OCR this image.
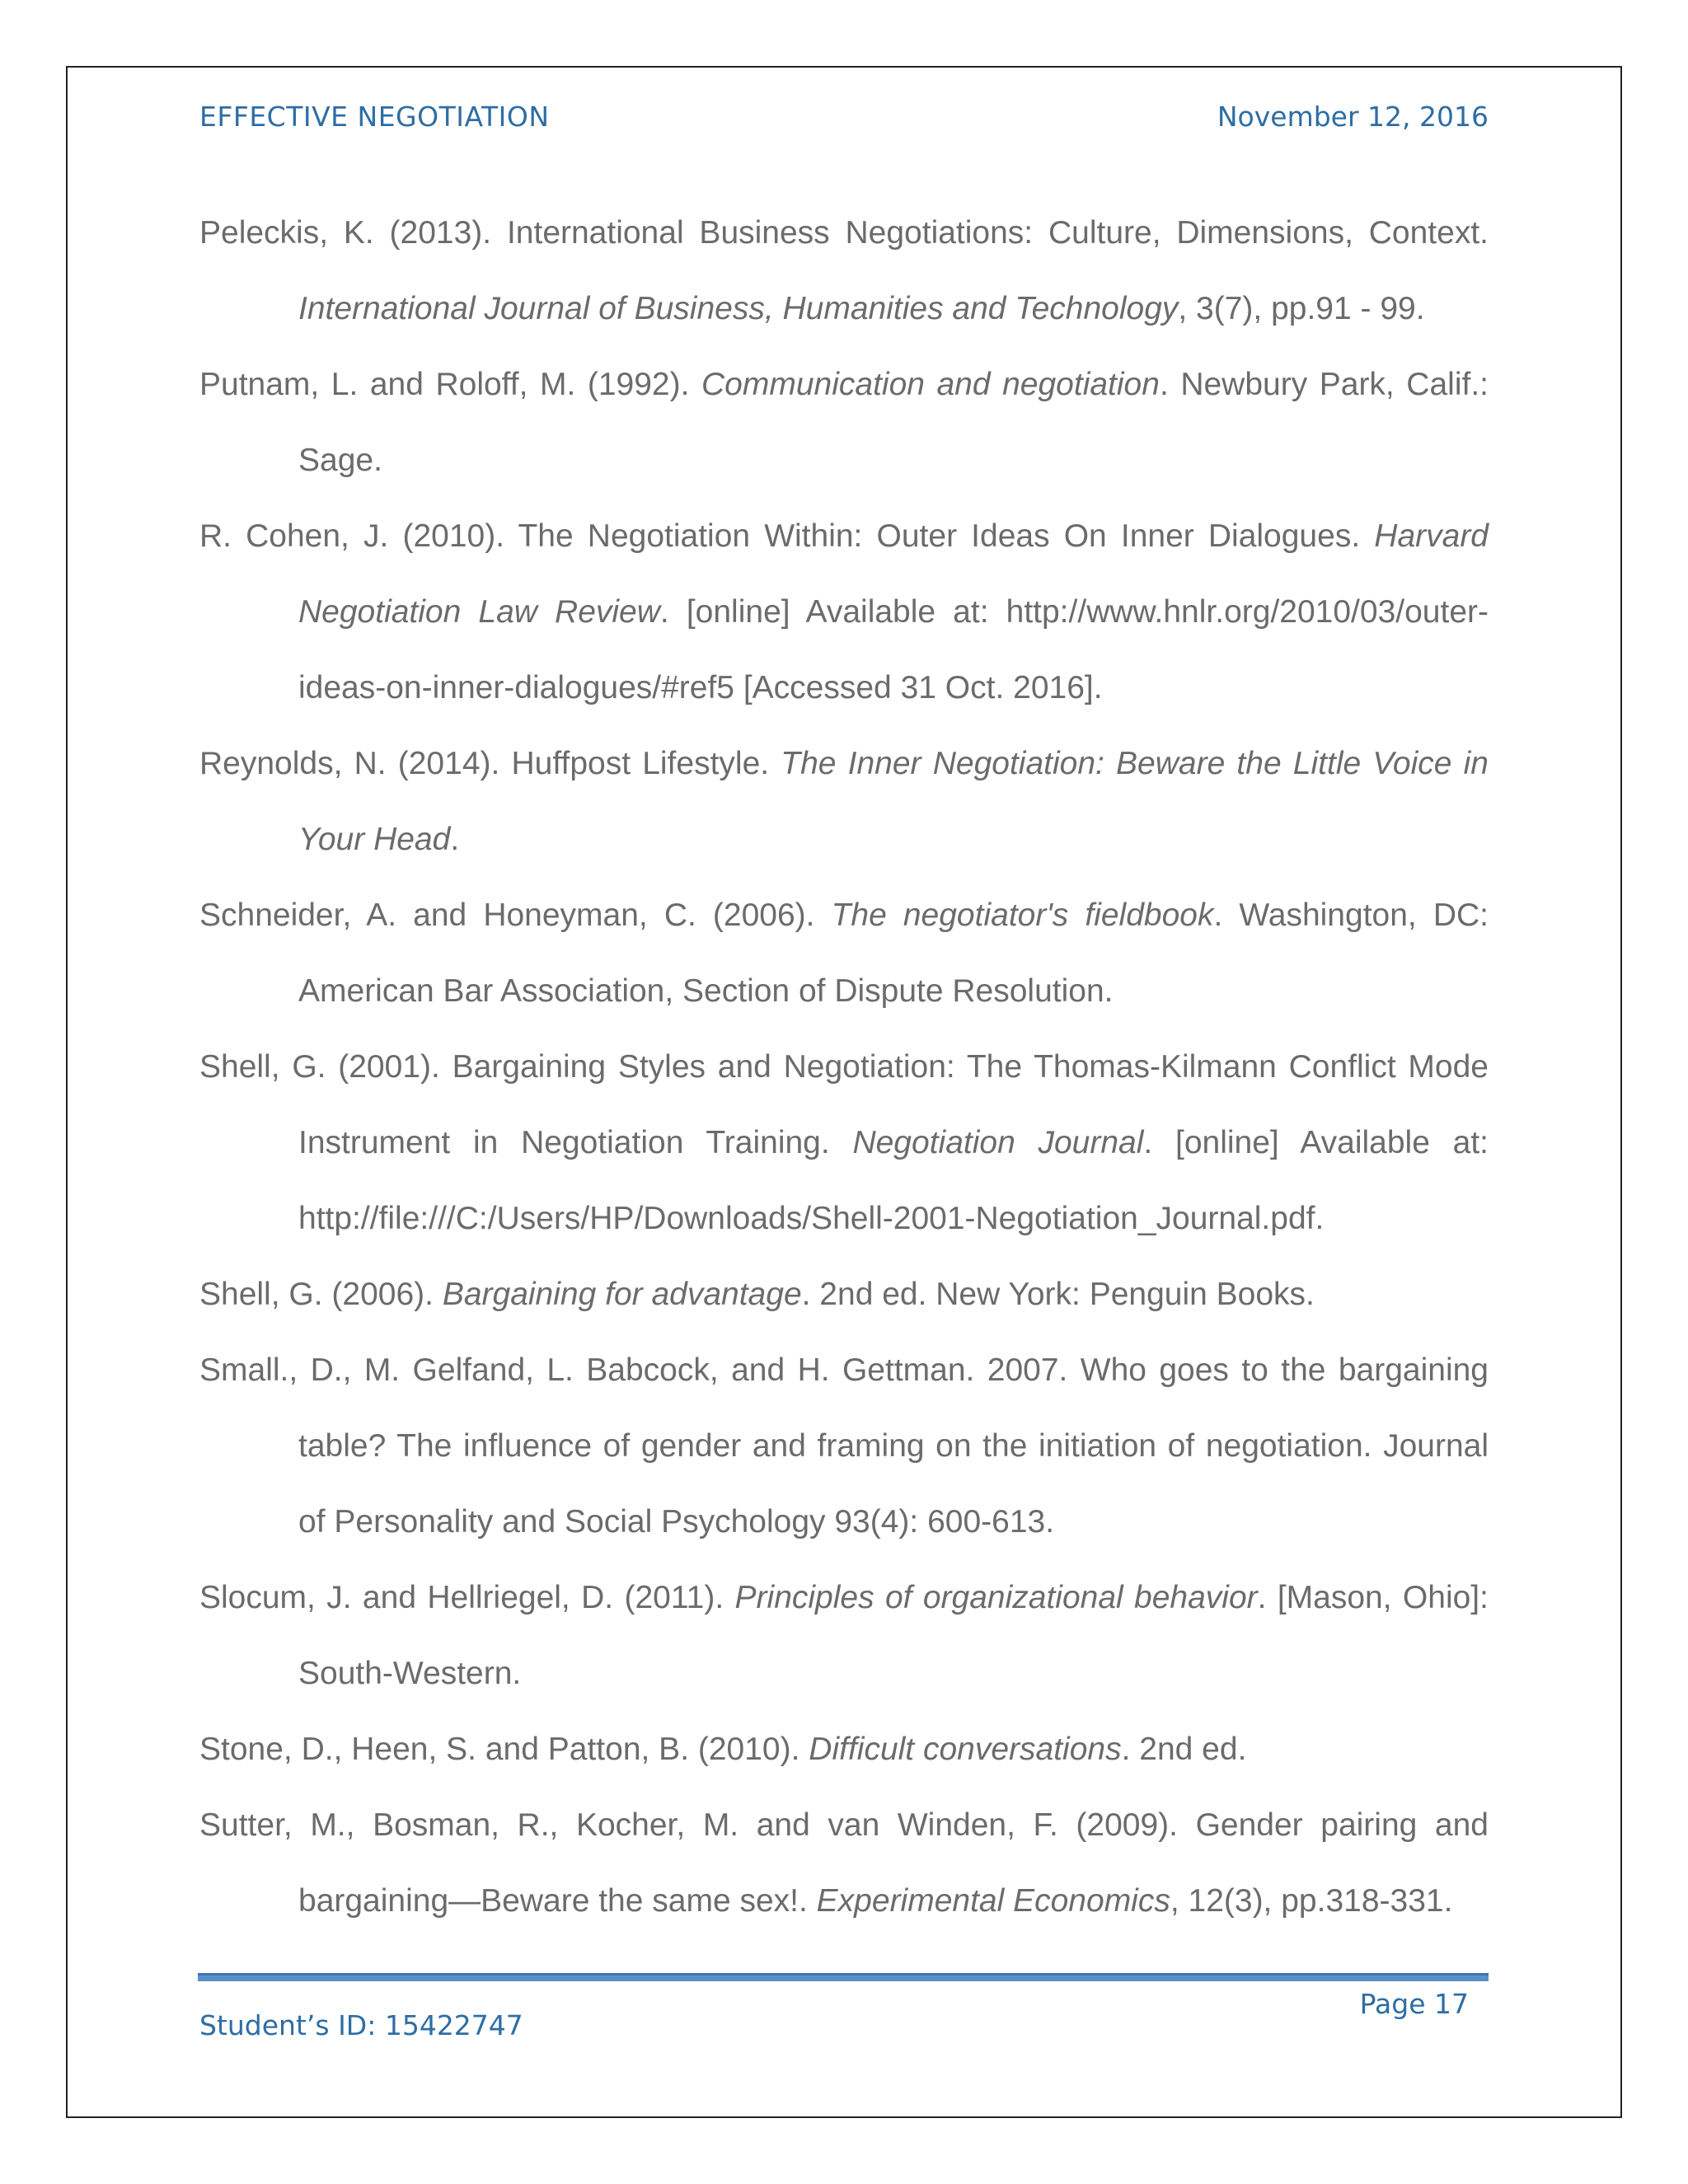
EFFECTIVE NEGOTIATION	November 12, 2016

Peleckis, K. (2013). International Business Negotiations: Culture, Dimensions, Context. International Journal of Business, Humanities and Technology, 3(7), pp.91 - 99.

Putnam, L. and Roloff, M. (1992). Communication and negotiation. Newbury Park, Calif.: Sage.

R. Cohen, J. (2010). The Negotiation Within: Outer Ideas On Inner Dialogues. Harvard Negotiation Law Review. [online] Available at: http://www.hnlr.org/2010/03/outer-ideas-on-inner-dialogues/#ref5 [Accessed 31 Oct. 2016].

Reynolds, N. (2014). Huffpost Lifestyle. The Inner Negotiation: Beware the Little Voice in Your Head.

Schneider, A. and Honeyman, C. (2006). The negotiator's fieldbook. Washington, DC: American Bar Association, Section of Dispute Resolution.

Shell, G. (2001). Bargaining Styles and Negotiation: The Thomas-Kilmann Conflict Mode Instrument in Negotiation Training. Negotiation Journal. [online] Available at: http://file:///C:/Users/HP/Downloads/Shell-2001-Negotiation_Journal.pdf.

Shell, G. (2006). Bargaining for advantage. 2nd ed. New York: Penguin Books.

Small., D., M. Gelfand, L. Babcock, and H. Gettman. 2007. Who goes to the bargaining table? The influence of gender and framing on the initiation of negotiation. Journal of Personality and Social Psychology 93(4): 600-613.

Slocum, J. and Hellriegel, D. (2011). Principles of organizational behavior. [Mason, Ohio]: South-Western.

Stone, D., Heen, S. and Patton, B. (2010). Difficult conversations. 2nd ed.

Sutter, M., Bosman, R., Kocher, M. and van Winden, F. (2009). Gender pairing and bargaining—Beware the same sex!. Experimental Economics, 12(3), pp.318-331.

Page 17
Student’s ID: 15422747
